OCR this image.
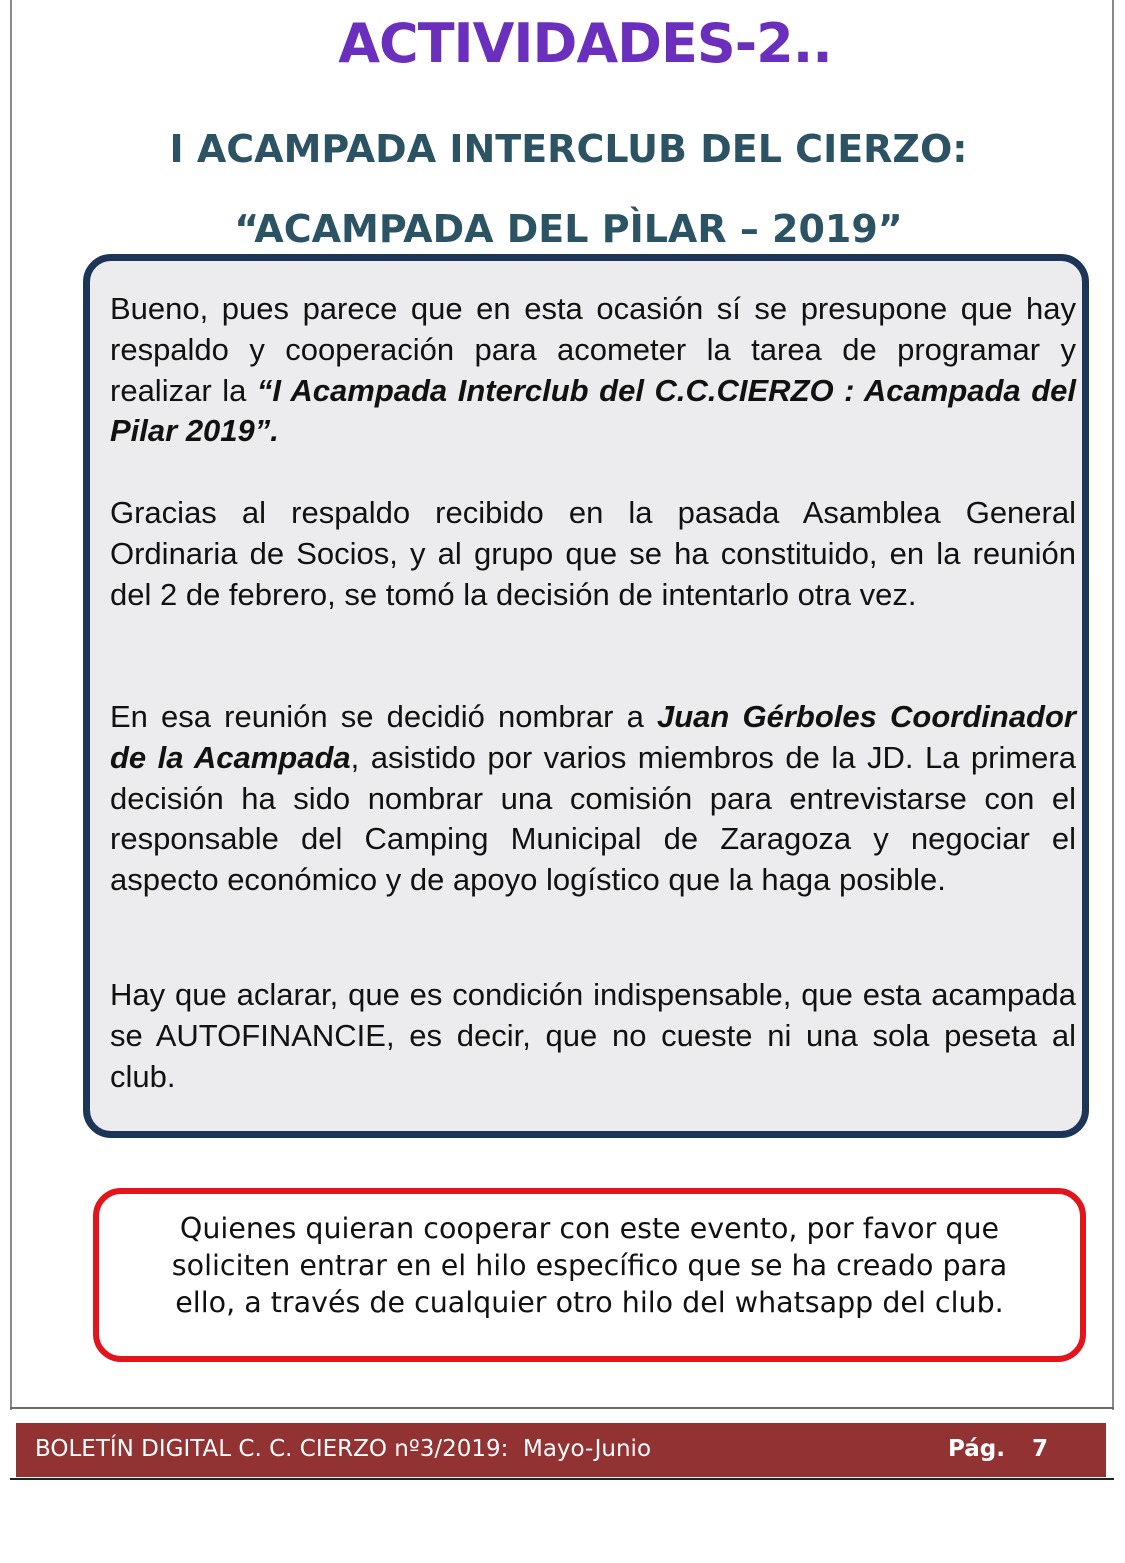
ACTIVIDADES-2..
I ACAMPADA INTERCLUB DEL CIERZO:
“ACAMPADA DEL PÌLAR – 2019”

Bueno, pues parece que en esta ocasión sí se presupone que hay respaldo y cooperación para acometer la tarea de programar y realizar la “I Acampada Interclub del C.C.CIERZO : Acampada del Pilar 2019”.

Gracias al respaldo recibido en la pasada Asamblea General Ordinaria de Socios, y al grupo que se ha constituido, en la reunión del 2 de febrero, se tomó la decisión de intentarlo otra vez.

En esa reunión se decidió nombrar a Juan Gérboles Coordinador de la Acampada, asistido por varios miembros de la JD. La primera decisión ha sido nombrar una comisión para entrevistarse con el responsable del Camping Municipal de Zaragoza y negociar el aspecto económico y de apoyo logístico que la haga posible.

Hay que aclarar, que es condición indispensable, que esta acampada se AUTOFINANCIE, es decir, que no cueste ni una sola peseta al club.

Quienes quieran cooperar con este evento, por favor que
soliciten entrar en el hilo específico que se ha creado para
ello, a través de cualquier otro hilo del whatsapp del club.

BOLETÍN DIGITAL C. C. CIERZO nº3/2019:  Mayo-Junio	Pág. 7
